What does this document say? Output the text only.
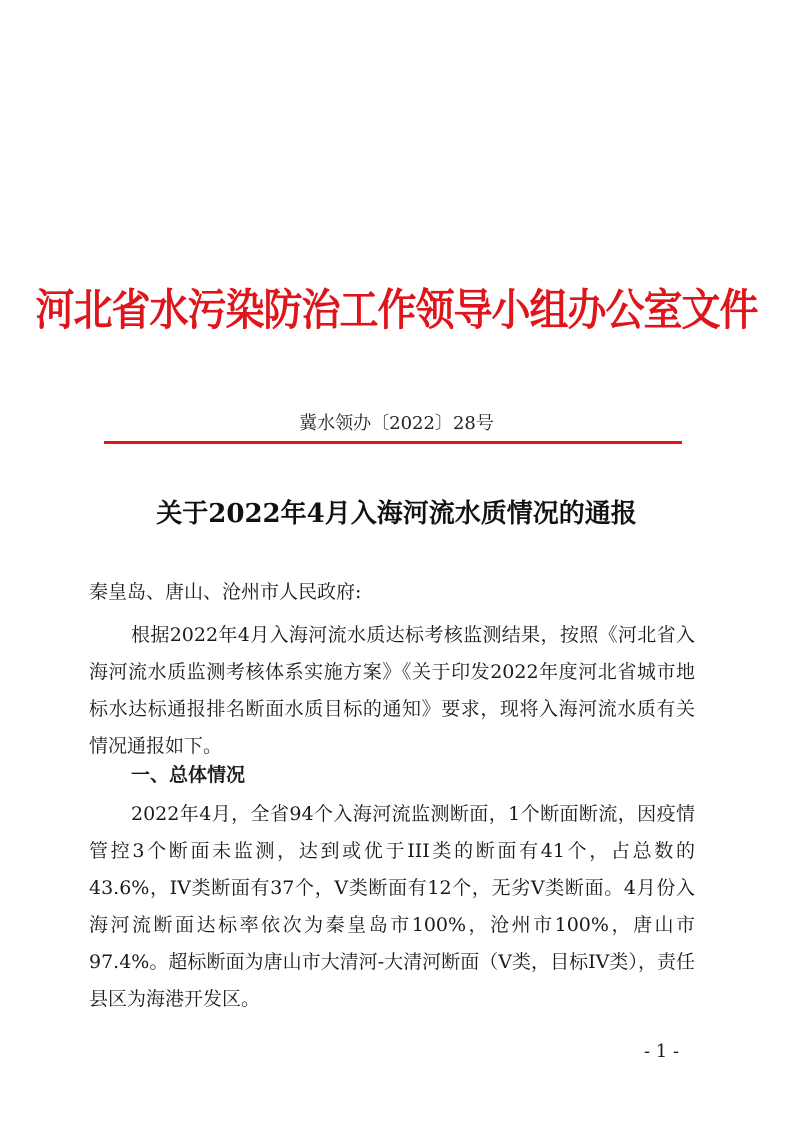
河北省水污染防治工作领导小组办公室文件
冀水领办〔2022〕28号
关于2022年4月入海河流水质情况的通报
秦皇岛、唐山、沧州市人民政府:
根据2022年4月入海河流水质达标考核监测结果，按照《河北省入海河流水质监测考核体系实施方案》《关于印发2022年度河北省城市地标水达标通报排名断面水质目标的通知》要求，现将入海河流水质有关情况通报如下。
一、总体情况
2022年4月，全省94个入海河流监测断面，1个断面断流，因疫情管控3个断面未监测，达到或优于III类的断面有41个，占总数的43.6%，IV类断面有37个，V类断面有12个，无劣V类断面。4月份入海河流断面达标率依次为秦皇岛市100%，沧州市100%，唐山市97.4%。超标断面为唐山市大清河-大清河断面（V类，目标IV类），责任县区为海港开发区。
- 1 -
